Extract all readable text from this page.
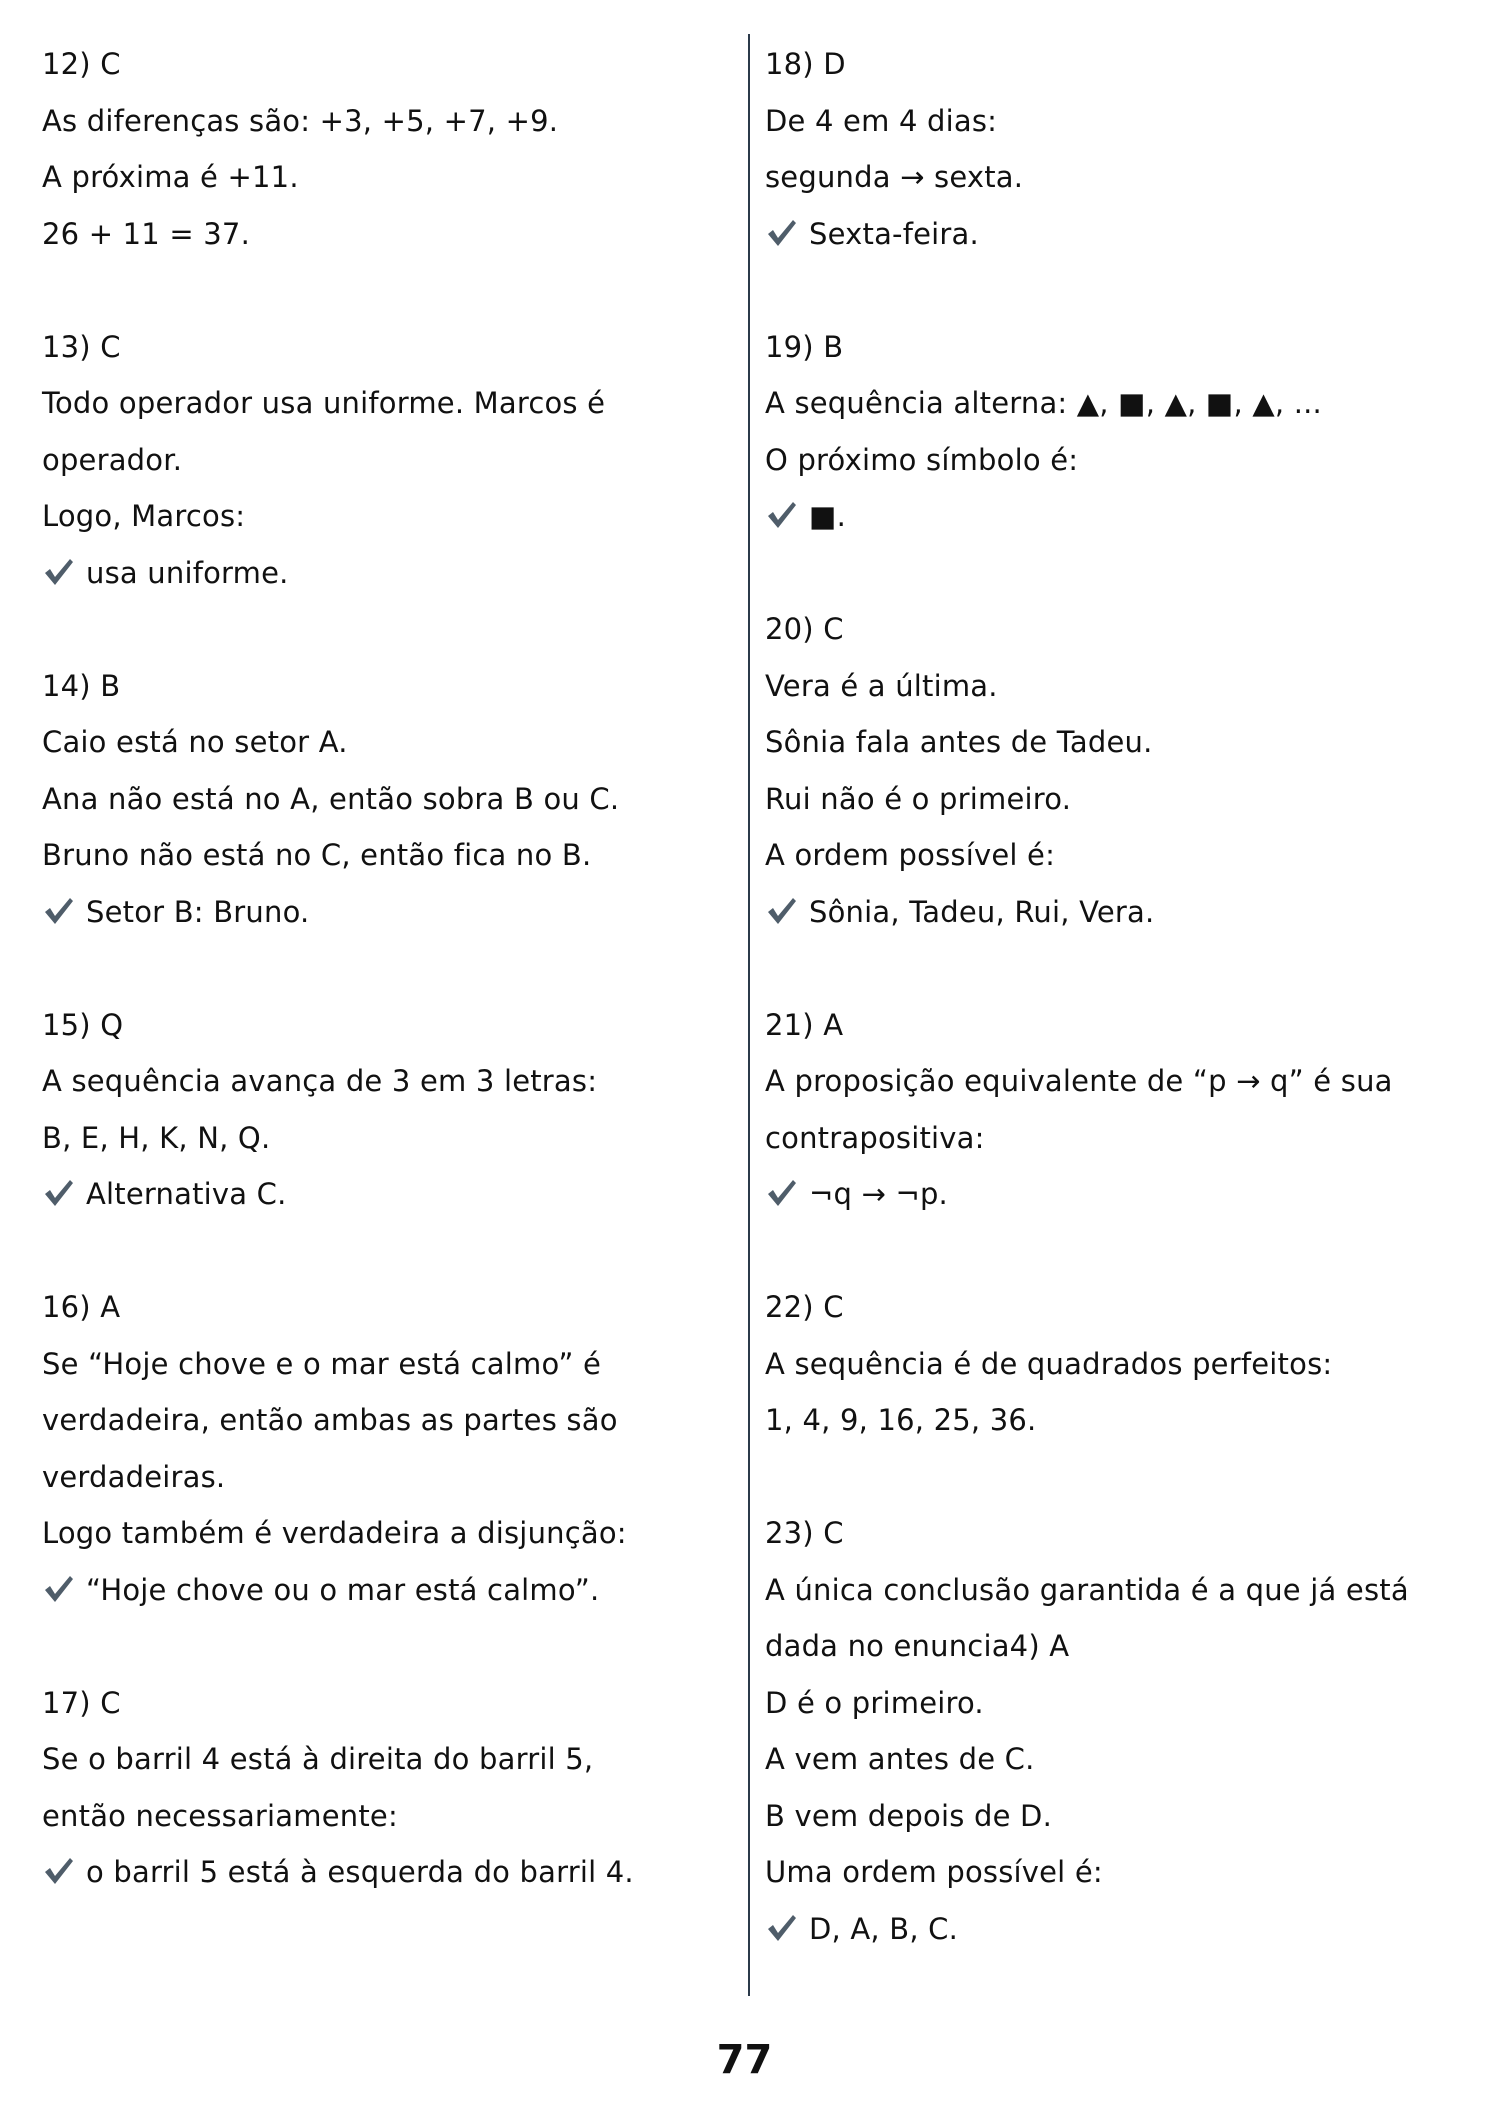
12) C
As diferenças são: +3, +5, +7, +9.
A próxima é +11.
26 + 11 = 37.
13) C
Todo operador usa uniforme. Marcos é
operador.
Logo, Marcos:
usa uniforme.
14) B
Caio está no setor A.
Ana não está no A, então sobra B ou C.
Bruno não está no C, então fica no B.
Setor B: Bruno.
15) Q
A sequência avança de 3 em 3 letras:
B, E, H, K, N, Q.
Alternativa C.
16) A
Se “Hoje chove e o mar está calmo” é
verdadeira, então ambas as partes são
verdadeiras.
Logo também é verdadeira a disjunção:
“Hoje chove ou o mar está calmo”.
17) C
Se o barril 4 está à direita do barril 5,
então necessariamente:
o barril 5 está à esquerda do barril 4.
18) D
De 4 em 4 dias:
segunda → sexta.
Sexta-feira.
19) B
A sequência alterna: ▲, ■, ▲, ■, ▲, ...
O próximo símbolo é:
■.
20) C
Vera é a última.
Sônia fala antes de Tadeu.
Rui não é o primeiro.
A ordem possível é:
Sônia, Tadeu, Rui, Vera.
21) A
A proposição equivalente de “p → q” é sua
contrapositiva:
¬q → ¬p.
22) C
A sequência é de quadrados perfeitos:
1, 4, 9, 16, 25, 36.
23) C
A única conclusão garantida é a que já está
dada no enuncia4) A
D é o primeiro.
A vem antes de C.
B vem depois de D.
Uma ordem possível é:
D, A, B, C.
77
